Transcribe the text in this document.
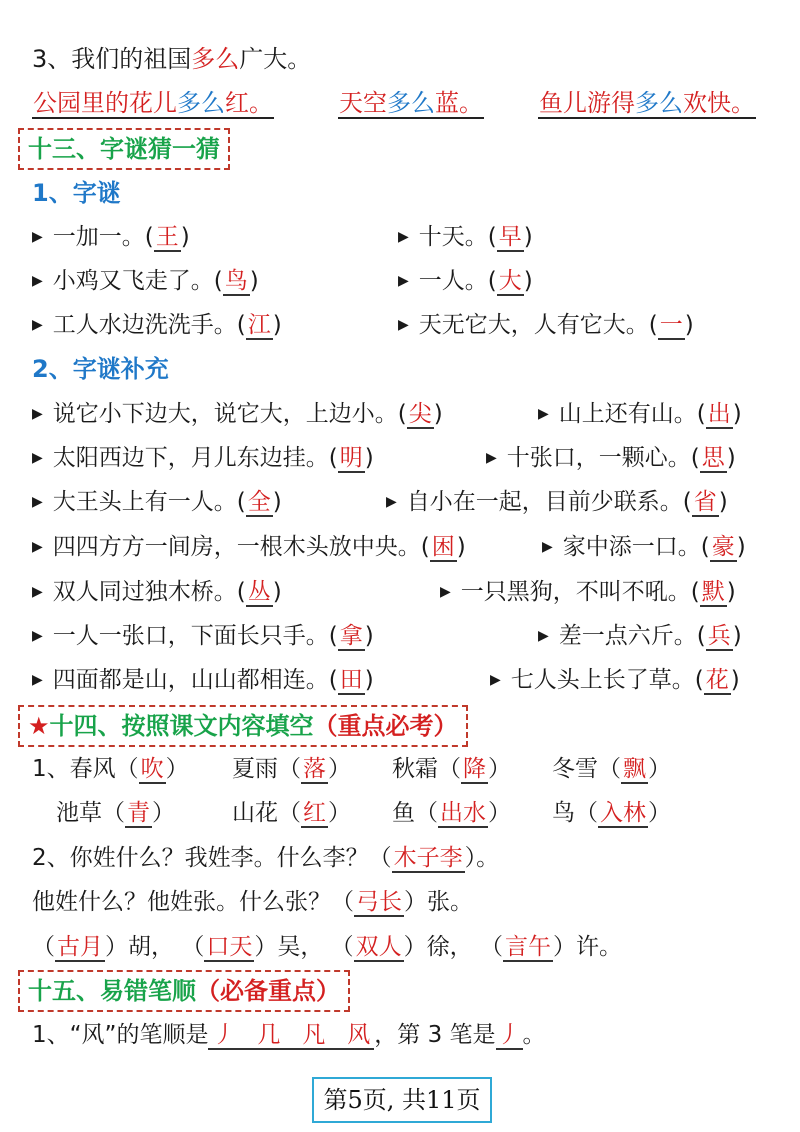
3、我们的祖国多么广大。
公园里的花儿多么红。	天空多么蓝。 鱼儿游得多么欢快。
十三、字谜猜一猜
1、字谜
▶ 一加一。(王)	▶ 十天。(早)
▶ 小鸡又飞走了。(鸟)	▶ 一人。(大)
▶ 工人水边洗洗手。(江)	▶ 天无它大，人有它大。(一)
2、字谜补充
▶ 说它小下边大，说它大，上边小。(尖)	▶ 山上还有山。(出)
▶ 太阳西边下，月儿东边挂。(明)	▶ 十张口，一颗心。(思)
▶ 大王头上有一人。(全)	▶ 自小在一起，目前少联系。(省)
▶ 四四方方一间房，一根木头放中央。(困)	▶ 家中添一口。(豪)
▶ 双人同过独木桥。(丛)	▶ 一只黑狗，不叫不吼。(默)
▶ 一人一张口，下面长只手。(拿)	▶ 差一点六斤。(兵)
▶ 四面都是山，山山都相连。(田)	▶ 七人头上长了草。(花)
★十四、按照课文内容填空（重点必考）
1、春风（吹） 夏雨（落） 秋霜（降） 冬雪（飘）
池草（青） 山花（红） 鱼（出水） 鸟（入林）
2、你姓什么？我姓李。什么李？（木子李）。
他姓什么？他姓张。什么张？（弓长）张。
（古月）胡， （口天）吴， （双人）徐， （言午）许。
十五、易错笔顺（必备重点）
1、“风”的笔顺是 丿 几 凡 风 ，第 3 笔是丿。
第5页, 共11页
